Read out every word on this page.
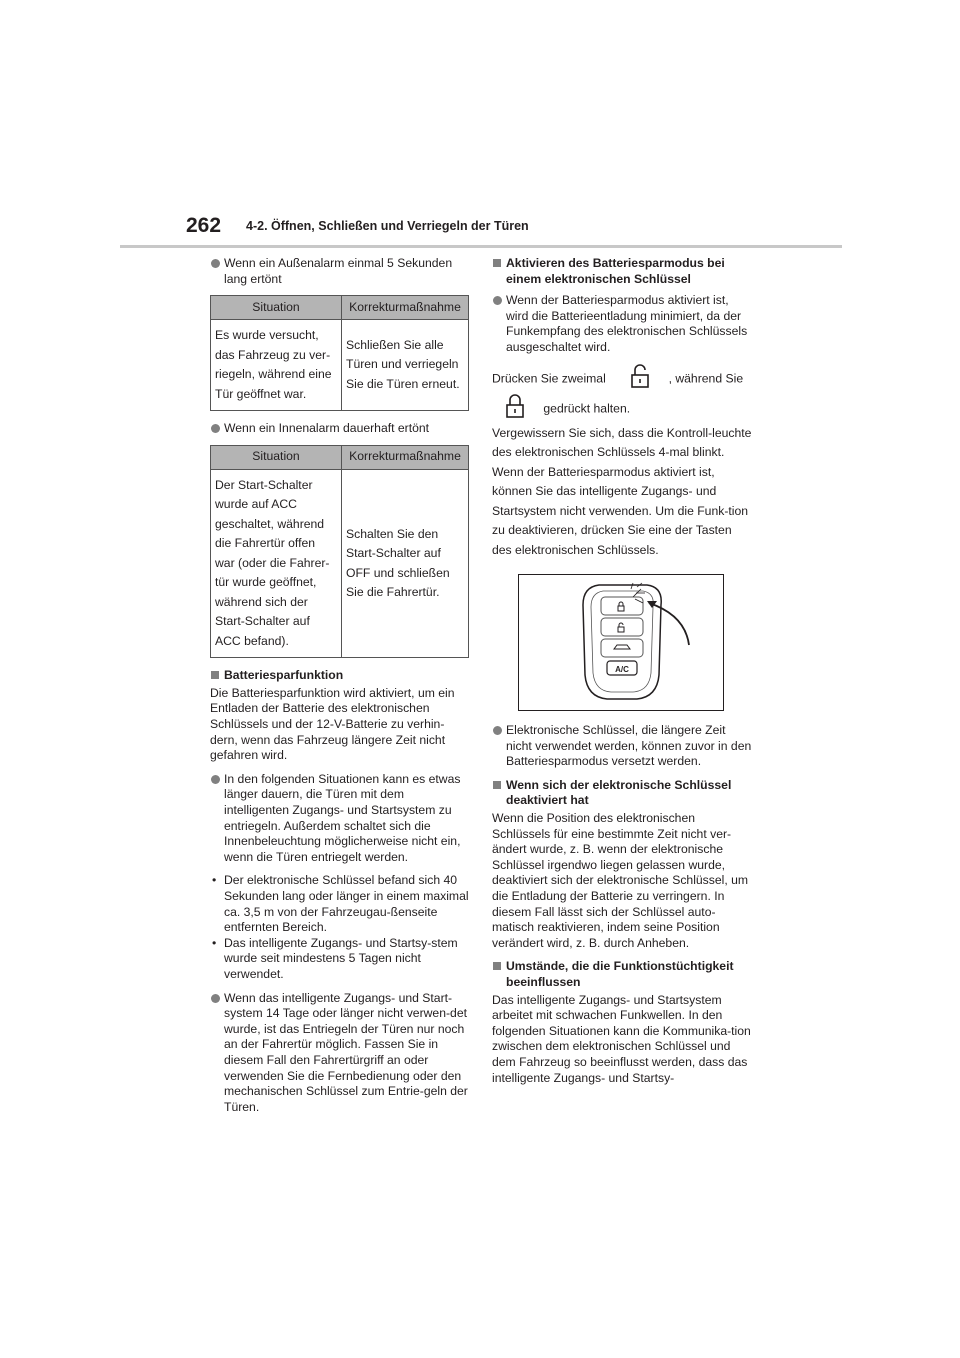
262 4-2. Öffnen, Schließen und Verriegeln der Türen
Wenn ein Außenalarm einmal 5 Sekunden lang ertönt
Situation	Korrekturmaßnahme
Es wurde versucht, das Fahrzeug zu ver-riegeln, während eine Tür geöffnet war.	Schließen Sie alle Türen und verriegeln Sie die Türen erneut.
Wenn ein Innenalarm dauerhaft ertönt
Situation	Korrekturmaßnahme
Der Start-Schalter wurde auf ACC geschaltet, während die Fahrertür offen war (oder die Fahrer-tür wurde geöffnet, während sich der Start-Schalter auf ACC befand).	Schalten Sie den Start-Schalter auf OFF und schließen Sie die Fahrertür.
Batteriesparfunktion

Die Batteriesparfunktion wird aktiviert, um ein Entladen der Batterie des elektronischen Schlüssels und der 12-V-Batterie zu verhin-dern, wenn das Fahrzeug längere Zeit nicht gefahren wird.

In den folgenden Situationen kann es etwas länger dauern, die Türen mit dem intelligenten Zugangs- und Startsystem zu entriegeln. Außerdem schaltet sich die Innenbeleuchtung möglicherweise nicht ein, wenn die Türen entriegelt werden.
• Der elektronische Schlüssel befand sich 40 Sekunden lang oder länger in einem maximal ca. 3,5 m von der Fahrzeugau-ßenseite entfernten Bereich.
• Das intelligente Zugangs- und Startsy-stem wurde seit mindestens 5 Tagen nicht verwendet.
Wenn das intelligente Zugangs- und Start-system 14 Tage oder länger nicht verwen-det wurde, ist das Entriegeln der Türen nur noch an der Fahrertür möglich. Fassen Sie in diesem Fall den Fahrertürgriff an oder verwenden Sie die Fernbedienung oder den mechanischen Schlüssel zum Entrie-geln der Türen.
Aktivieren des Batteriesparmodus bei einem elektronischen Schlüssel
Wenn der Batteriesparmodus aktiviert ist, wird die Batterieentladung minimiert, da der Funkempfang des elektronischen Schlüssels ausgeschaltet wird.
Drücken Sie zweimal	, während Sie
gedrückt halten.

Vergewissern Sie sich, dass die Kontroll-leuchte des elektronischen Schlüssels 4-mal blinkt.

Wenn der Batteriesparmodus aktiviert ist, können Sie das intelligente Zugangs- und Startsystem nicht verwenden. Um die Funk-tion zu deaktivieren, drücken Sie eine der Tasten des elektronischen Schlüssels.

A/C
Elektronische Schlüssel, die längere Zeit nicht verwendet werden, können zuvor in den Batteriesparmodus versetzt werden.
Wenn sich der elektronische Schlüssel deaktiviert hat

Wenn die Position des elektronischen Schlüssels für eine bestimmte Zeit nicht ver-ändert wurde, z. B. wenn der elektronische Schlüssel irgendwo liegen gelassen wurde, deaktiviert sich der elektronische Schlüssel, um die Entladung der Batterie zu verringern. In diesem Fall lässt sich der Schlüssel auto-matisch reaktivieren, indem seine Position verändert wird, z. B. durch Anheben.

Umstände, die die Funktionstüchtigkeit beeinflussen

Das intelligente Zugangs- und Startsystem arbeitet mit schwachen Funkwellen. In den folgenden Situationen kann die Kommunika-tion zwischen dem elektronischen Schlüssel und dem Fahrzeug so beeinflusst werden, dass das intelligente Zugangs- und Startsy-
